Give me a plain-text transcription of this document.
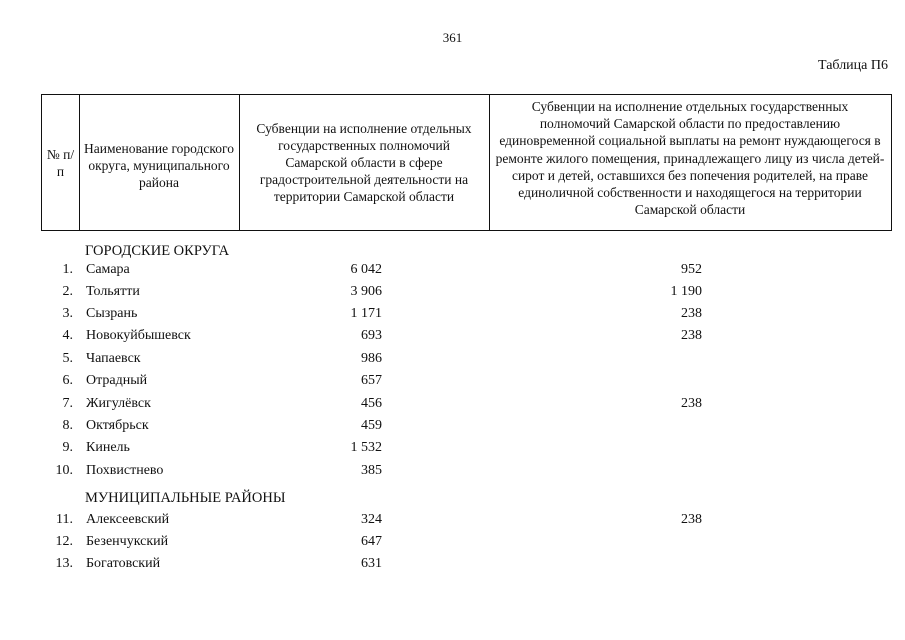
361
Таблица П6
№ п/п
Наименование городского округа, муниципального района
Субвенции на исполнение отдельных государственных полномочий Самарской области в сфере градостроительной деятельности на территории Самарской области
Субвенции на исполнение отдельных государственных полномочий Самарской области по предоставлению единовременной социальной выплаты на ремонт нуждающегося в ремонте жилого помещения, принадлежащего лицу из числа детей-сирот и детей, оставшихся без попечения родителей, на праве единоличной собственности и находящегося на территории Самарской области
ГОРОДСКИЕ ОКРУГА
1. Самара	6 042	952
2. Тольятти	3 906	1 190
3. Сызрань	1 171	238
4. Новокуйбышевск	693	238
5. Чапаевск	986
6. Отрадный	657
7. Жигулёвск	456	238
8. Октябрьск	459
9. Кинель	1 532
10. Похвистнево	385
МУНИЦИПАЛЬНЫЕ РАЙОНЫ
11. Алексеевский	324	238
12. Безенчукский	647
13. Богатовский	631
